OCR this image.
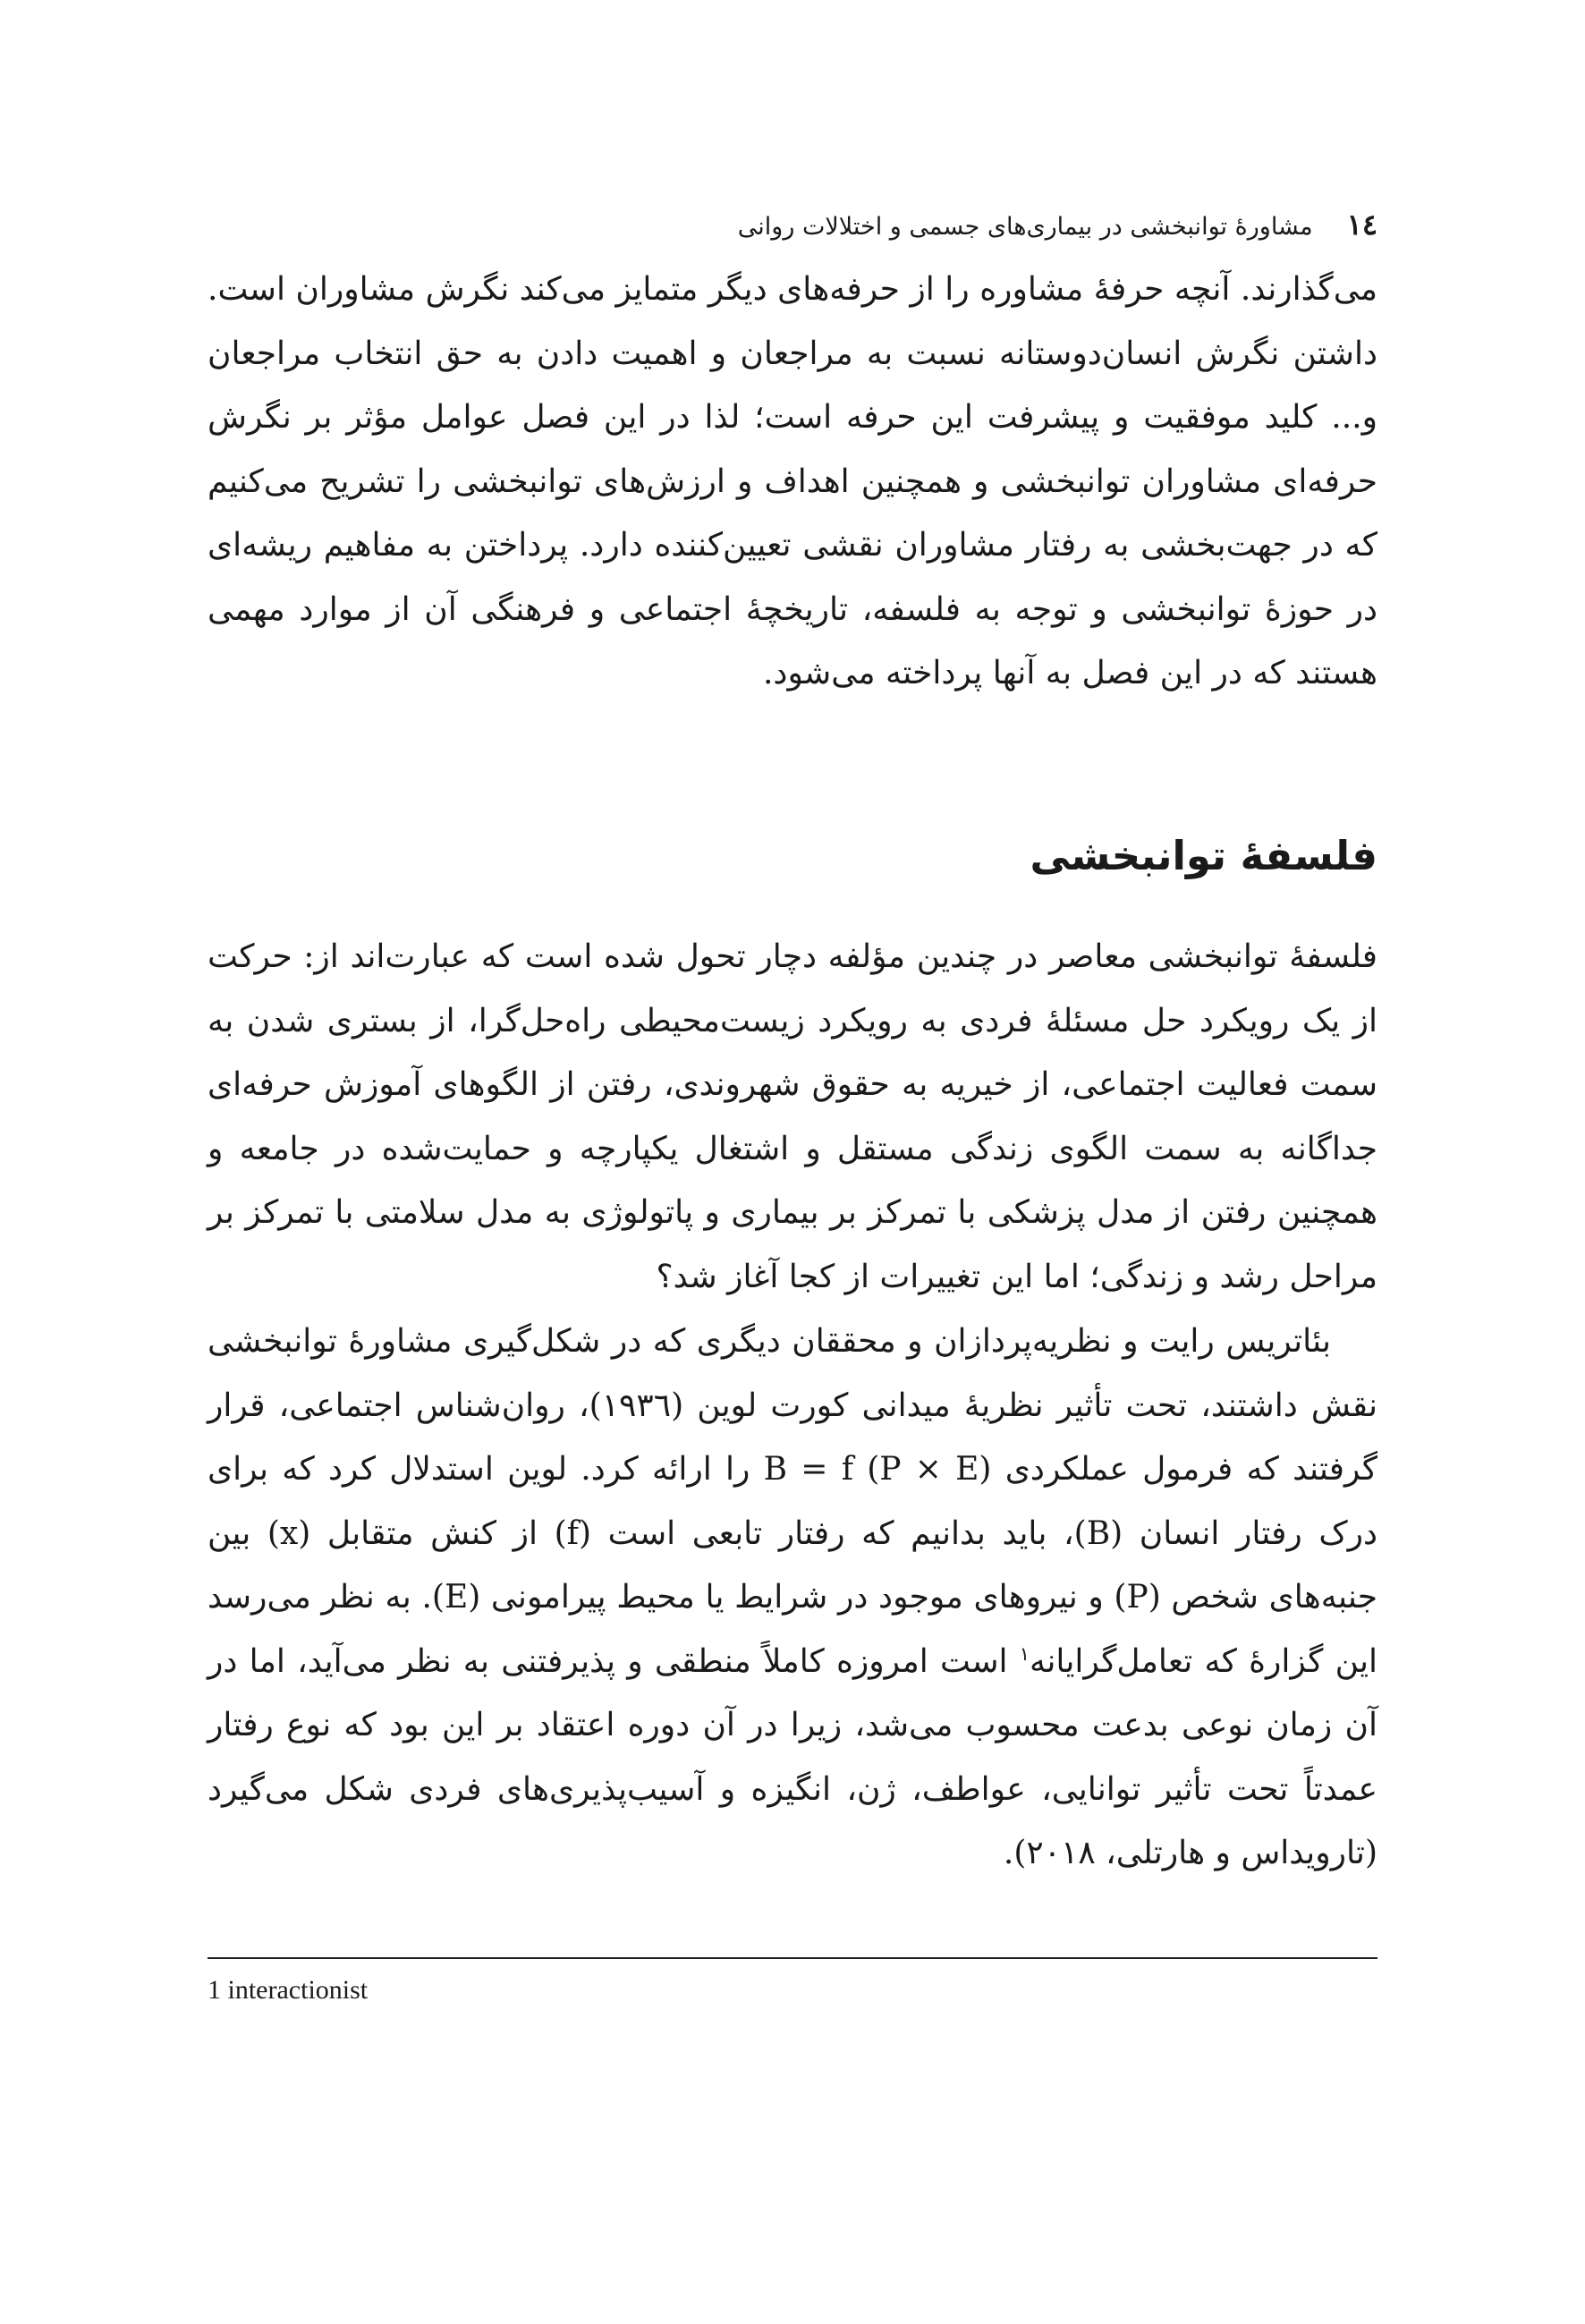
١٤
مشاورهٔ توانبخشی در بیماری‌های جسمی و اختلالات روانی

می‌گذارند. آنچه حرفهٔ مشاوره را از حرفه‌های دیگر متمایز می‌کند نگرش مشاوران است. داشتن نگرش انسان‌دوستانه نسبت به مراجعان و اهمیت دادن به حق انتخاب مراجعان و... کلید موفقیت و پیشرفت این حرفه است؛ لذا در این فصل عوامل مؤثر بر نگرش حرفه‌ای مشاوران توانبخشی و همچنین اهداف و ارزش‌های توانبخشی را تشریح می‌کنیم که در جهت‌بخشی به رفتار مشاوران نقشی تعیین‌کننده دارد. پرداختن به مفاهیم ریشه‌ای در حوزهٔ توانبخشی و توجه به فلسفه، تاریخچهٔ اجتماعی و فرهنگی آن از موارد مهمی هستند که در این فصل به آنها پرداخته می‌شود.

فلسفهٔ توانبخشی

فلسفهٔ توانبخشی معاصر در چندین مؤلفه دچار تحول شده است که عبارت‌اند از: حرکت از یک رویکرد حل مسئلهٔ فردی به رویکرد زیست‌محیطی راه‌حل‌گرا، از بستری شدن به سمت فعالیت اجتماعی، از خیریه به حقوق شهروندی، رفتن از الگوهای آموزش حرفه‌ای جداگانه به سمت الگوی زندگی مستقل و اشتغال یکپارچه و حمایت‌شده در جامعه و همچنین رفتن از مدل پزشکی با تمرکز بر بیماری و پاتولوژی به مدل سلامتی با تمرکز بر مراحل رشد و زندگی؛ اما این تغییرات از کجا آغاز شد؟

بئاتریس رایت و نظریه‌پردازان و محققان دیگری که در شکل‌گیری مشاورهٔ توانبخشی نقش داشتند، تحت تأثیر نظریهٔ میدانی کورت لوین (١٩٣٦)، روان‌شناس اجتماعی، قرار گرفتند که فرمول عملکردی B = f (P × E) را ارائه کرد. لوین استدلال کرد که برای درک رفتار انسان (B)، باید بدانیم که رفتار تابعی است (f) از کنش متقابل (x) بین جنبه‌های شخص (P) و نیروهای موجود در شرایط یا محیط پیرامونی (E). به نظر می‌رسد این گزارهٔ که تعامل‌گرایانه$^١$ است امروزه کاملاً منطقی و پذیرفتنی به نظر می‌آید، اما در آن زمان نوعی بدعت محسوب می‌شد، زیرا در آن دوره اعتقاد بر این بود که نوع رفتار عمدتاً تحت تأثیر توانایی، عواطف، ژن، انگیزه و آسیب‌پذیری‌های فردی شکل می‌گیرد (تارویداس و هارتلی، ٢٠١٨).

1 interactionist
